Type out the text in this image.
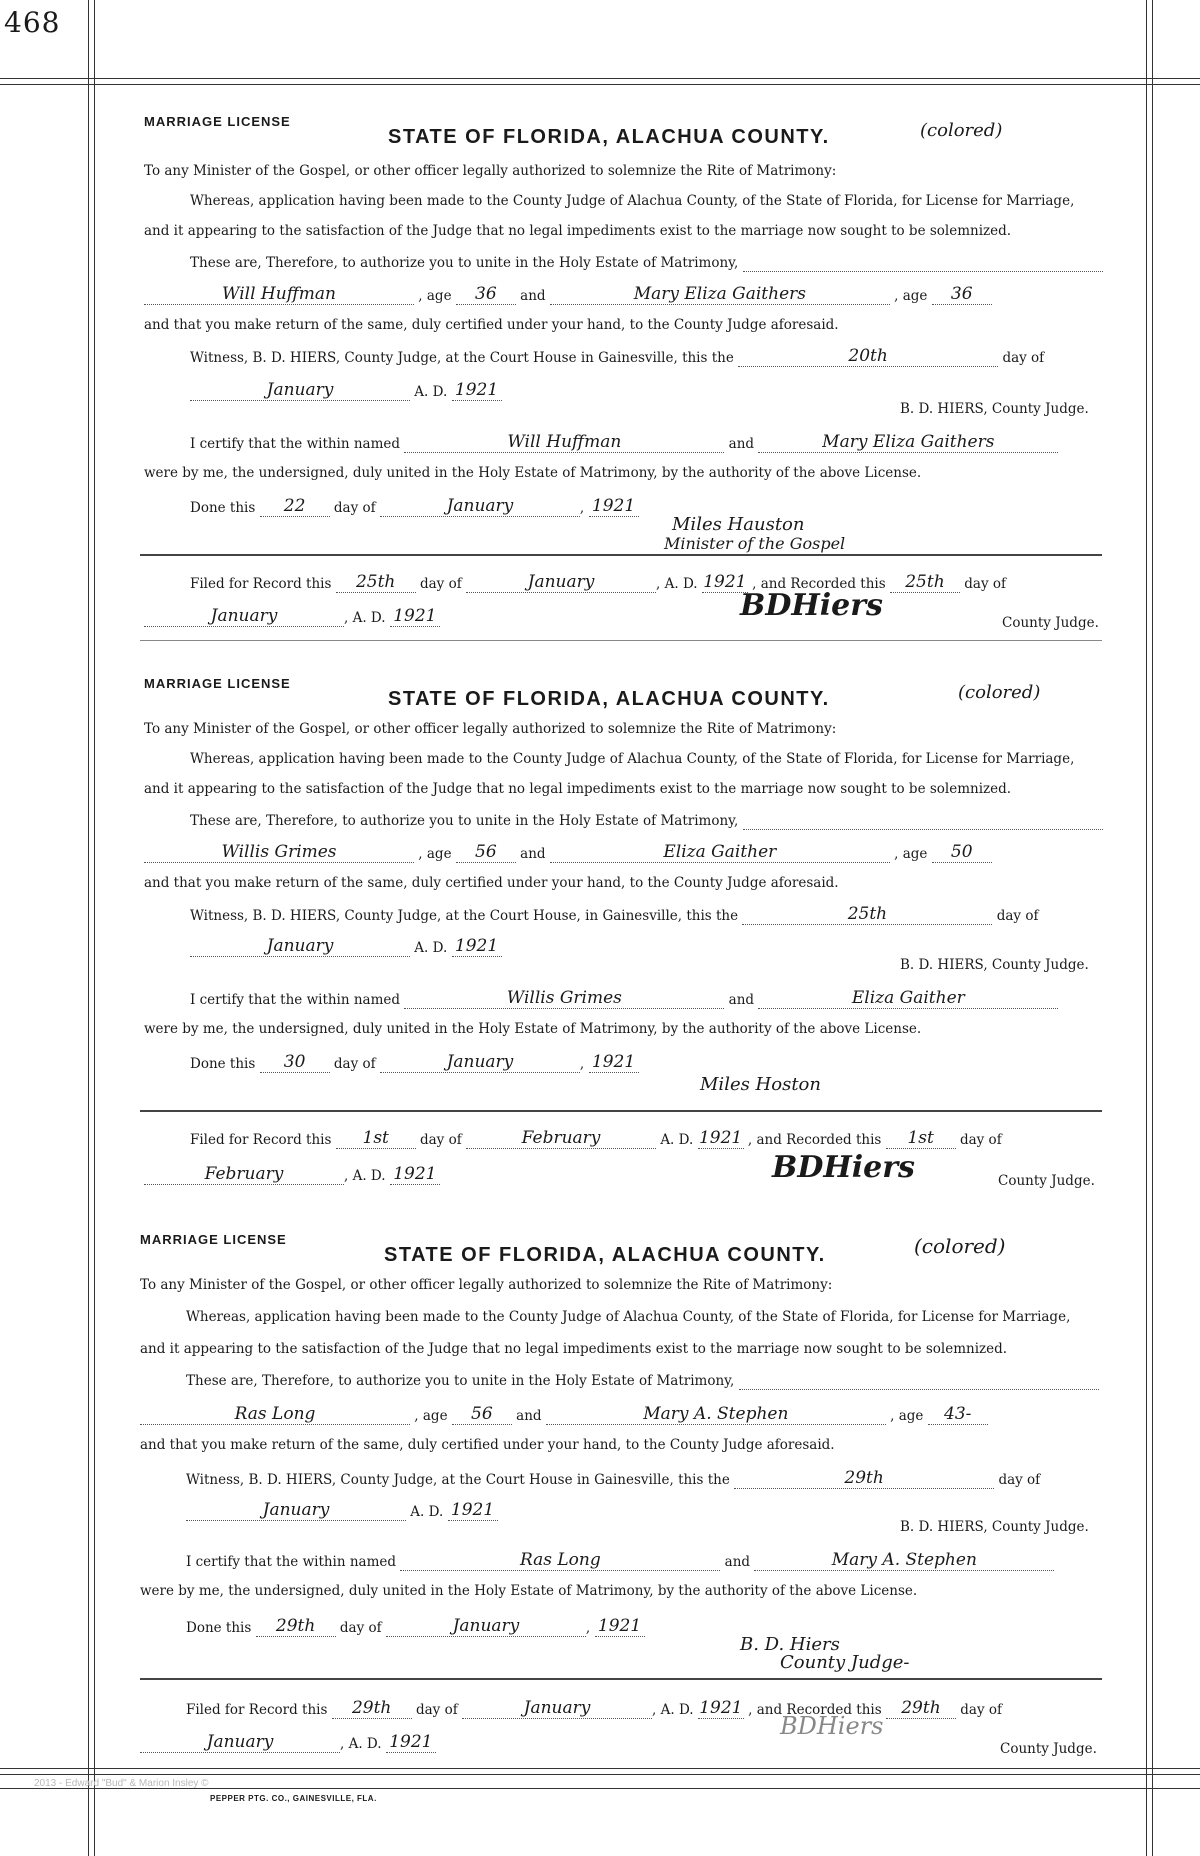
468
MARRIAGE LICENSE
STATE OF FLORIDA, ALACHUA COUNTY.	(colored)
To any Minister of the Gospel, or other officer legally authorized to solemnize the Rite of Matrimony:
Whereas, application having been made to the County Judge of Alachua County, of the State of Florida, for License for Marriage,
and it appearing to the satisfaction of the Judge that no legal impediments exist to the marriage now sought to be solemnized.
These are, Therefore, to authorize you to unite in the Holy Estate of Matrimony,
Will Huffman	, age 36 and	Mary Eliza Gaithers	, age 36
and that you make return of the same, duly certified under your hand, to the County Judge aforesaid.
Witness, B. D. HIERS, County Judge, at the Court House in Gainesville, this the	20th	day of
January	A. D. 1921
B. D. HIERS, County Judge.
I certify that the within named	Will Huffman	and	Mary Eliza Gaithers
were by me, the undersigned, duly united in the Holy Estate of Matrimony, by the authority of the above License.
Done this 22 day of	January	, 1921
Miles Hauston
Minister of the Gospel
Filed for Record this 25th day of	January	, A. D. 1921 , and Recorded this 25th day of
January	, A. D. 1921	BDHiers	County Judge.
MARRIAGE LICENSE
STATE OF FLORIDA, ALACHUA COUNTY.	(colored)
To any Minister of the Gospel, or other officer legally authorized to solemnize the Rite of Matrimony:
Whereas, application having been made to the County Judge of Alachua County, of the State of Florida, for License for Marriage,
and it appearing to the satisfaction of the Judge that no legal impediments exist to the marriage now sought to be solemnized.
These are, Therefore, to authorize you to unite in the Holy Estate of Matrimony,
Willis Grimes	, age 56 and	Eliza Gaither	, age 50
and that you make return of the same, duly certified under your hand, to the County Judge aforesaid.
Witness, B. D. HIERS, County Judge, at the Court House, in Gainesville, this the	25th	day of
January	A. D. 1921
B. D. HIERS, County Judge.
I certify that the within named	Willis Grimes	and	Eliza Gaither
were by me, the undersigned, duly united in the Holy Estate of Matrimony, by the authority of the above License.
Done this 30 day of	January	, 1921
Miles Hoston
Filed for Record this 1st day of	February	A. D. 1921 , and Recorded this 1st day of
February	, A. D. 1921	BDHiers	County Judge.
MARRIAGE LICENSE
STATE OF FLORIDA, ALACHUA COUNTY.	(colored)
To any Minister of the Gospel, or other officer legally authorized to solemnize the Rite of Matrimony:
Whereas, application having been made to the County Judge of Alachua County, of the State of Florida, for License for Marriage,
and it appearing to the satisfaction of the Judge that no legal impediments exist to the marriage now sought to be solemnized.
These are, Therefore, to authorize you to unite in the Holy Estate of Matrimony,
Ras Long	, age 56 and	Mary A. Stephen	, age 43-
and that you make return of the same, duly certified under your hand, to the County Judge aforesaid.
Witness, B. D. HIERS, County Judge, at the Court House in Gainesville, this the	29th	day of
January	A. D. 1921
B. D. HIERS, County Judge.
I certify that the within named	Ras Long	and	Mary A. Stephen
were by me, the undersigned, duly united in the Holy Estate of Matrimony, by the authority of the above License.
Done this 29th day of	January	, 1921
B. D. Hiers
County Judge-
Filed for Record this 29th day of	January	, A. D. 1921 , and Recorded this 29th day of
January	, A. D. 1921
BDHiers
County Judge.
2013 - Edward "Bud" & Marion Insley ©
PEPPER PTG. CO., GAINESVILLE, FLA.
